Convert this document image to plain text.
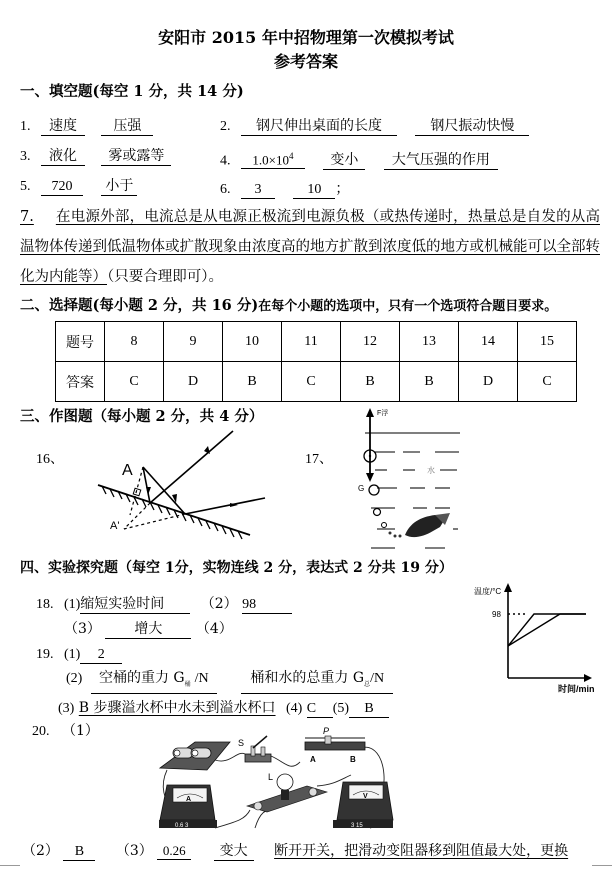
安阳市 2015 年中招物理第一次模拟考试
参考答案
一、填空题(每空 1 分，共 14 分)
1. 速度	压强	2. 钢尺伸出桌面的长度	钢尺振动快慢
3. 液化 雾或露等	4. $1.0\times 10^4$	变小 大气压强的作用
5. 720 小于	6. 3	10 ；
7. 在电源外部，电流总是从电源正极流到电源负极（或热传递时，热量总是自发的从高温物体传递到低温物体或扩散现象由浓度高的地方扩散到浓度低的地方或机械能可以全部转化为内能等）（只要合理即可）。
二、选择题(每小题 2 分，共 16 分)在每个小题的选项中，只有一个选项符合题目要求。
题号	8	9	10	11	12	13	14	15
答案	C	D	B	C	B	B	D	C
三、作图题（每小题 2 分，共 4 分）
16、
A
A'
17、
F浮
G
水
四、实验探究题（每空 1分，实物连线 2 分，表达式 2 分共 19 分）
18. (1)缩短实验时间	（2） 98
（3） 增大 （4）
19. (1) 2
(2) 空桶的重力 $G_桶$ /N	桶和水的总重力 $G_总/N$
(3) B 步骤溢水杯中水未到溢水杯口 (4) C (5) B
温度/°C
98
时间/min
20. （1）
S
A	B
A
0.6 3
L
V
3 15
P
（2） B （3） 0.26 变大 断开开关，把滑动变阻器移到阻值最大处，更换
